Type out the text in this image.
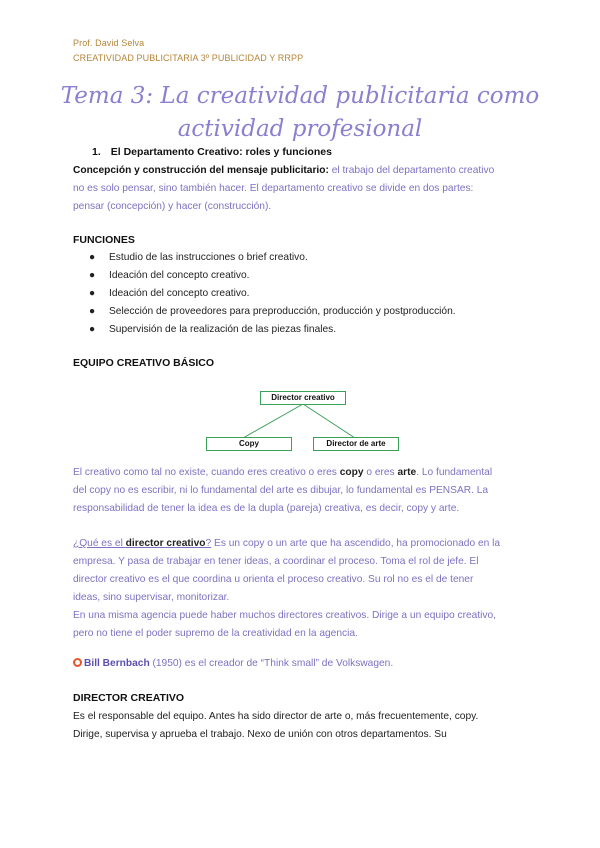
Prof. David Selva
CREATIVIDAD PUBLICITARIA 3º PUBLICIDAD Y RRPP
Tema 3: La creatividad publicitaria como
actividad profesional
1. El Departamento Creativo: roles y funciones
Concepción y construcción del mensaje publicitario: el trabajo del departamento creativo
no es solo pensar, sino también hacer. El departamento creativo se divide en dos partes:
pensar (concepción) y hacer (construcción).
FUNCIONES
● Estudio de las instrucciones o brief creativo.
● Ideación del concepto creativo.
● Ideación del concepto creativo.
● Selección de proveedores para preproducción, producción y postproducción.
● Supervisión de la realización de las piezas finales.
EQUIPO CREATIVO BÁSICO
Director creativo
Copy	Director de arte
El creativo como tal no existe, cuando eres creativo o eres copy o eres arte. Lo fundamental
del copy no es escribir, ni lo fundamental del arte es dibujar, lo fundamental es PENSAR. La
responsabilidad de tener la idea es de la dupla (pareja) creativa, es decir, copy y arte.
¿Qué es el director creativo? Es un copy o un arte que ha ascendido, ha promocionado en la
empresa. Y pasa de trabajar en tener ideas, a coordinar el proceso. Toma el rol de jefe. El
director creativo es el que coordina u orienta el proceso creativo. Su rol no es el de tener
ideas, sino supervisar, monitorizar.
En una misma agencia puede haber muchos directores creativos. Dirige a un equipo creativo,
pero no tiene el poder supremo de la creatividad en la agencia.
Bill Bernbach (1950) es el creador de “Think small” de Volkswagen.
DIRECTOR CREATIVO
Es el responsable del equipo. Antes ha sido director de arte o, más frecuentemente, copy.
Dirige, supervisa y aprueba el trabajo. Nexo de unión con otros departamentos. Su
